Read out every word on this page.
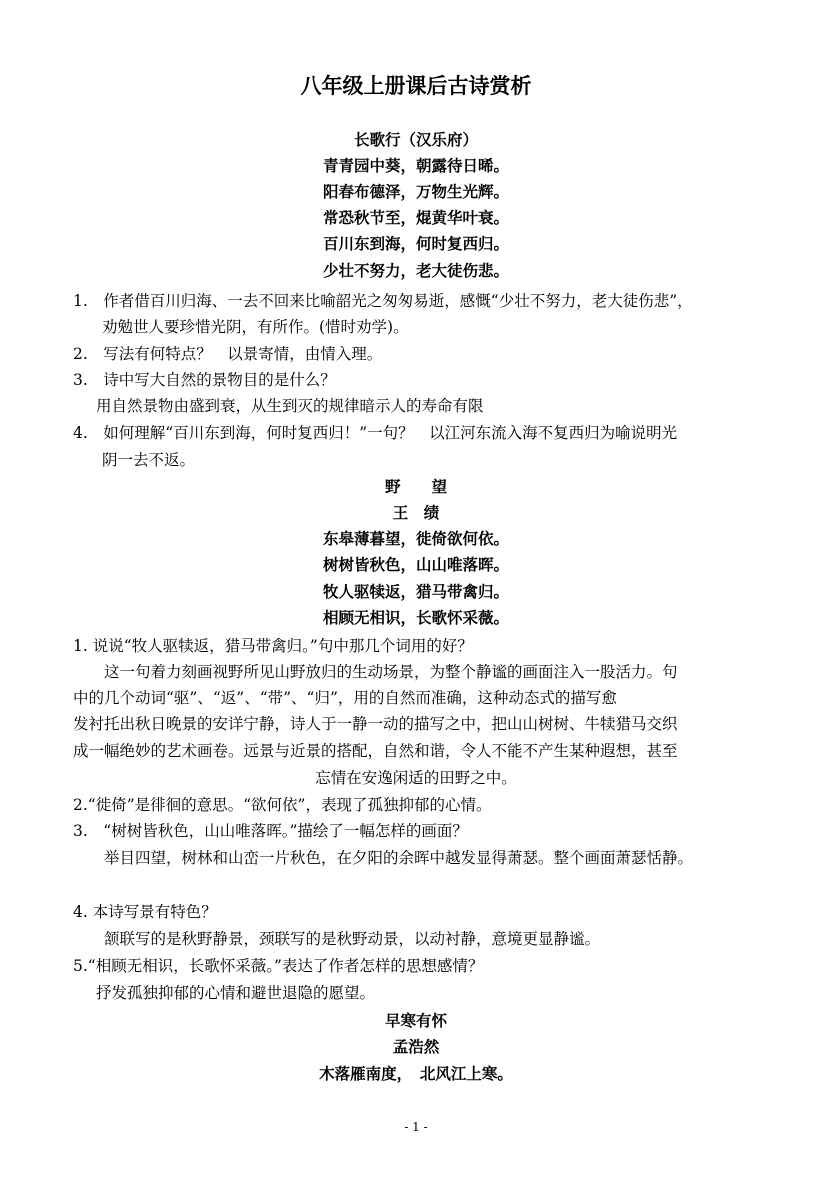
八年级上册课后古诗赏析
长歌行（汉乐府）
青青园中葵，朝露待日晞。
阳春布德泽，万物生光辉。
常恐秋节至，焜黄华叶衰。
百川东到海，何时复西归。
少壮不努力，老大徒伤悲。
1.　作者借百川归海、一去不回来比喻韶光之匆匆易逝，感慨“少壮不努力，老大徒伤悲”，
劝勉世人要珍惜光阴，有所作。(惜时劝学)。
2.　写法有何特点？　以景寄情，由情入理。
3.　诗中写大自然的景物目的是什么？
用自然景物由盛到衰，从生到灭的规律暗示人的寿命有限
4.　如何理解“百川东到海，何时复西归！”一句？　以江河东流入海不复西归为喻说明光
阴一去不返。
野　　望
王　绩
东皋薄暮望，徙倚欲何依。
树树皆秋色，山山唯落晖。
牧人驱犊返，猎马带禽归。
相顾无相识，长歌怀采薇。
1. 说说“牧人驱犊返，猎马带禽归。”句中那几个词用的好？
这一句着力刻画视野所见山野放归的生动场景，为整个静谧的画面注入一股活力。句
中的几个动词“驱”、“返”、“带”、“归”，用的自然而准确，这种动态式的描写愈
发衬托出秋日晚景的安详宁静，诗人于一静一动的描写之中，把山山树树、牛犊猎马交织
成一幅绝妙的艺术画卷。远景与近景的搭配，自然和谐，令人不能不产生某种遐想，甚至
忘情在安逸闲适的田野之中。
2.“徙倚”是徘徊的意思。“欲何依”，表现了孤独抑郁的心情。
3.　“树树皆秋色，山山唯落晖。”描绘了一幅怎样的画面？
举目四望，树林和山峦一片秋色，在夕阳的余晖中越发显得萧瑟。整个画面萧瑟恬静。
4. 本诗写景有特色？
颔联写的是秋野静景，颈联写的是秋野动景，以动衬静，意境更显静谧。
5.“相顾无相识，长歌怀采薇。”表达了作者怎样的思想感情？
抒发孤独抑郁的心情和避世退隐的愿望。
早寒有怀
孟浩然
木落雁南度，　北风江上寒。
- 1 -
